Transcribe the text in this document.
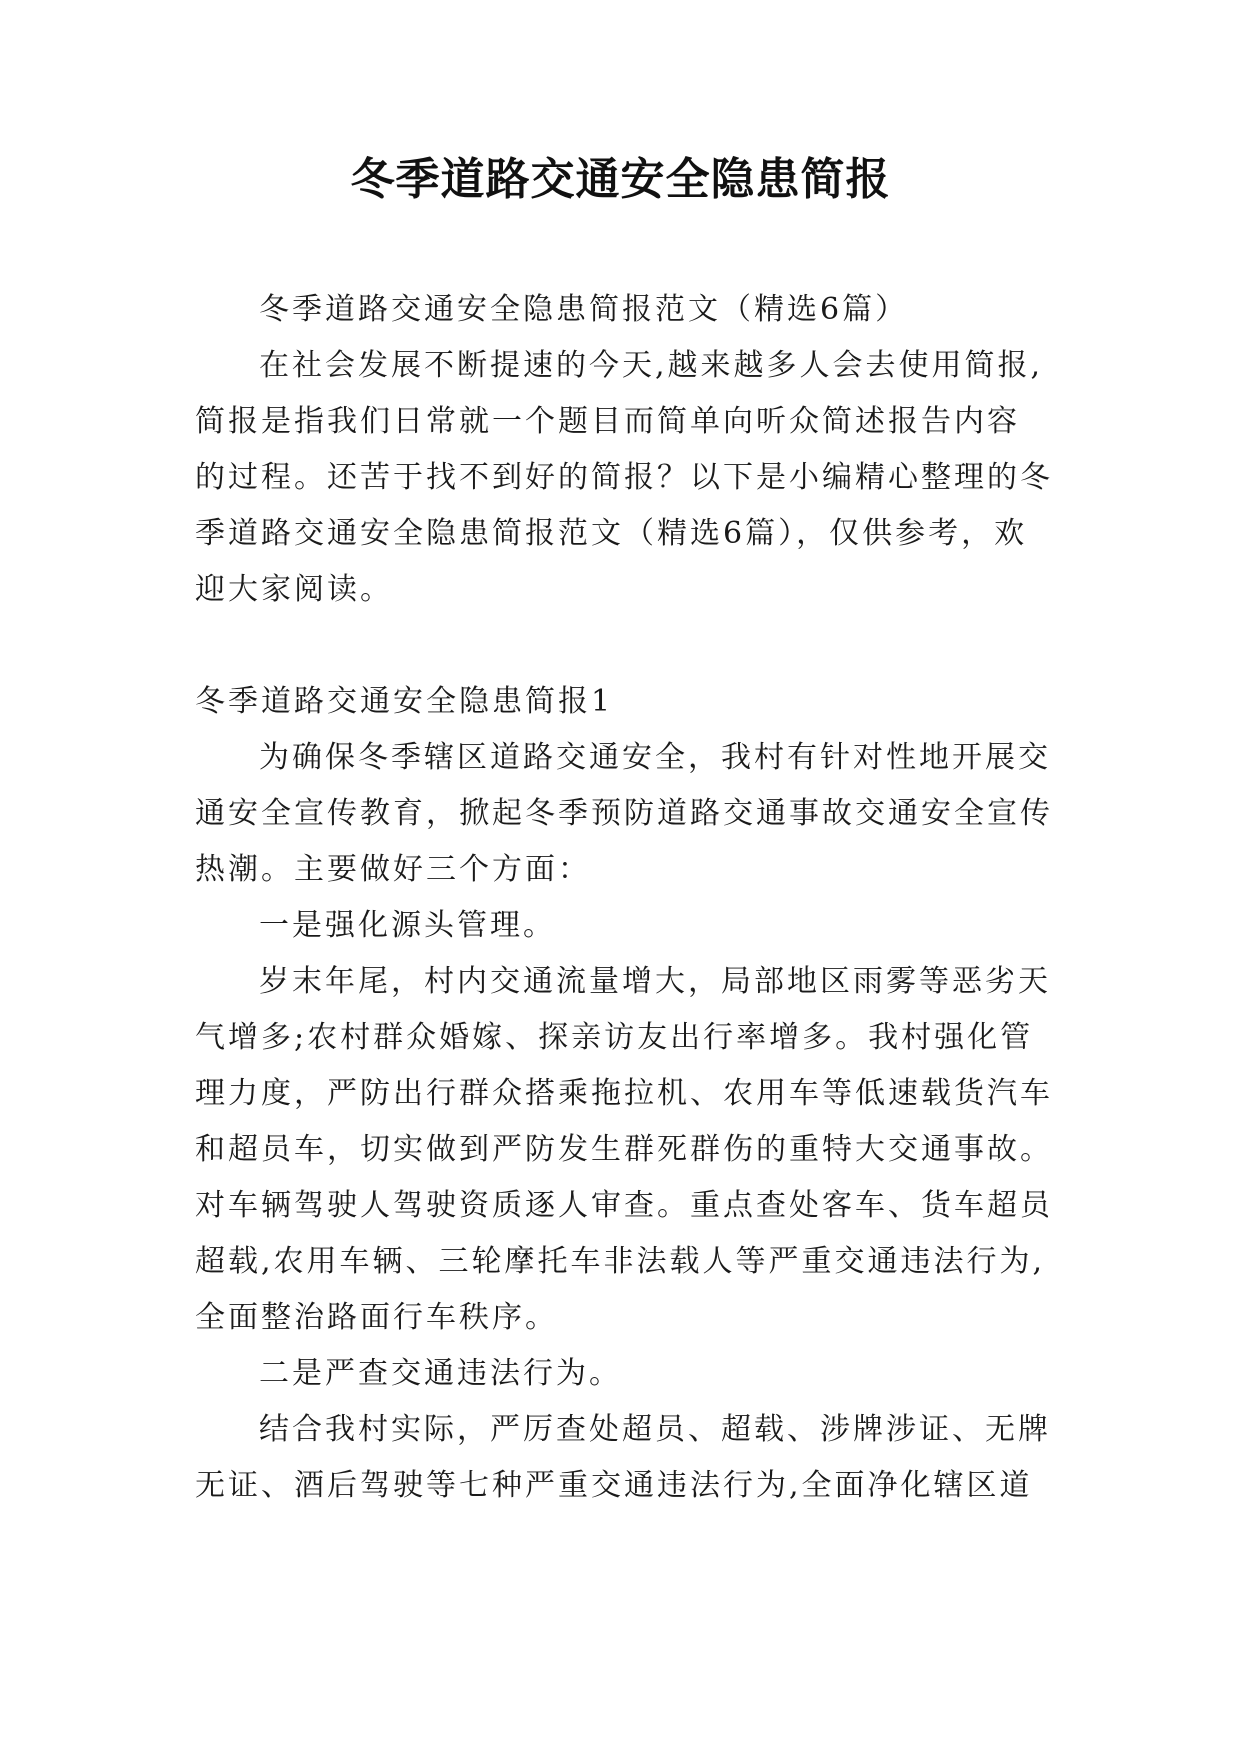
冬季道路交通安全隐患简报
冬季道路交通安全隐患简报范文（精选6篇）
在社会发展不断提速的今天,越来越多人会去使用简报,
简报是指我们日常就一个题目而简单向听众简述报告内容
的过程。还苦于找不到好的简报？以下是小编精心整理的冬
季道路交通安全隐患简报范文（精选6篇），仅供参考，欢
迎大家阅读。
冬季道路交通安全隐患简报1
为确保冬季辖区道路交通安全，我村有针对性地开展交
通安全宣传教育，掀起冬季预防道路交通事故交通安全宣传
热潮。主要做好三个方面：
一是强化源头管理。
岁末年尾，村内交通流量增大，局部地区雨雾等恶劣天
气增多;农村群众婚嫁、探亲访友出行率增多。我村强化管
理力度，严防出行群众搭乘拖拉机、农用车等低速载货汽车
和超员车，切实做到严防发生群死群伤的重特大交通事故。
对车辆驾驶人驾驶资质逐人审查。重点查处客车、货车超员
超载,农用车辆、三轮摩托车非法载人等严重交通违法行为,
全面整治路面行车秩序。
二是严查交通违法行为。
结合我村实际，严厉查处超员、超载、涉牌涉证、无牌
无证、酒后驾驶等七种严重交通违法行为,全面净化辖区道
